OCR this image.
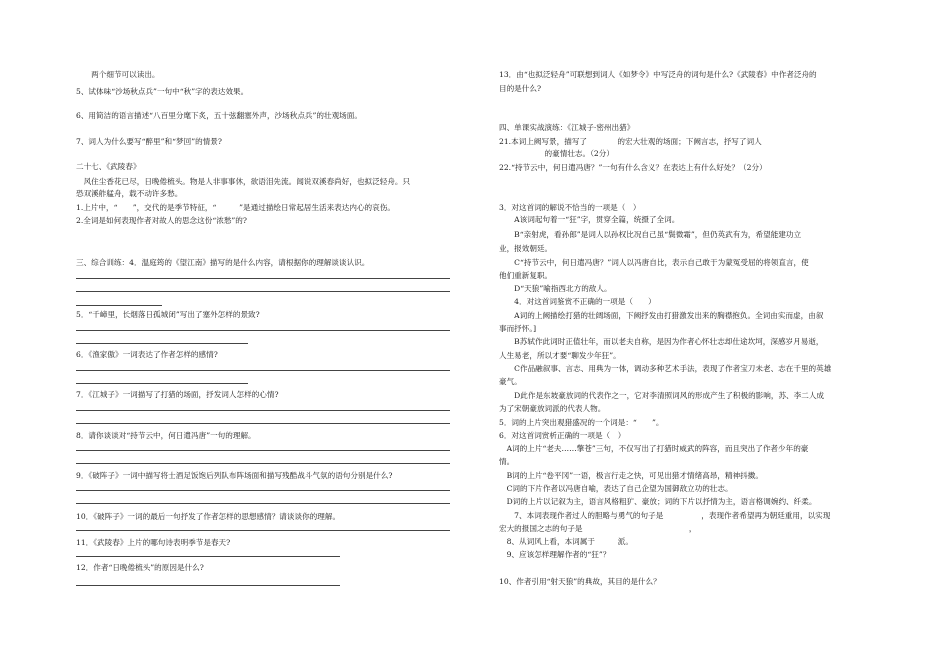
　　两个细节可以读出。
5、试体味“沙场秋点兵”一句中“秋”字的表达效果。
6、用简洁的语言描述“八百里分麾下炙，五十弦翻塞外声，沙场秋点兵”的壮观场面。
7、词人为什么要写“醉里”和“梦回”的情景?
二十七、《武陵春》
　风住尘香花已尽，日晚倦梳头。物是人非事事休，欲语泪先流。闻说双溪春尚好，也拟泛轻舟。只
恐双溪舴艋舟，载不动许多愁。
1.上片中，“　　”，交代的是季节特征，“　　　”是通过描绘日常起居生活来表达内心的哀伤。
2.全词是如何表现作者对故人的思念这份“浓愁”的?
三、综合训练：4．温庭筠的《望江南》描写的是什么内容，请根据你的理解谈谈认识。
5．“千嶂里，长烟落日孤城闭”写出了塞外怎样的景致?
6．《渔家傲》一词表达了作者怎样的感情?
7．《江城子》一词描写了打猎的场面，抒发词人怎样的心情?
8．请你谈谈对“持节云中，何日遣冯唐”一句的理解。
9．《破阵子》一词中描写将士酒足饭饱后列队布阵场面和描写残酷战斗气氛的语句分别是什么?
10．《破阵子》一词的最后一句抒发了作者怎样的思想感情？请谈谈你的理解。
11．《武陵春》上片的哪句诗表明季节是春天?
12．作者“日晚倦梳头”的原因是什么?
13．由“也拟泛轻舟”可联想到词人《如梦令》中写泛舟的词句是什么?《武陵春》中作者泛舟的
目的是什么?
四、单课实战演练：《江城子·密州出猎》
21.本词上阙写景，描写了　　　　的宏大壮观的场面；下阙言志，抒写了词人
　　　　　　的豪情壮志。（2分）
22.“持节云中，何日遣冯唐？”一句有什么含义？在表达上有什么好处？（2分）
3．对这首词的解说不恰当的一项是（　）
　　A该词起句着一“狂”字，贯穿全篇，统摄了全词。
　　B“亲射虎，看孙郎”是词人以孙权比况自己虽“鬓微霜”，但仍英武有为，希望能建功立
业，报效朝廷。
　　C“持节云中，何日遣冯唐？”词人以冯唐自比，表示自己敢于为蒙冤受屈的将领直言，使
他们重新复职。
　　D“天狼”喻指西北方的敌人。
　　4．对这首词鉴赏不正确的一项是（　　）
　　A词的上阙描绘打猎的壮阔场面，下阙抒发由打猎激发出来的胸襟抱负。全词由实而虚，由叙
事而抒怀。]
　　B苏轼作此词时正值壮年，而以老夫自称，是因为作者心怀壮志却仕途坎坷，深感岁月易逝，
人生易老，所以才要“聊发少年狂”。
　　C作品融叙事、言志、用典为一体，调动多种艺术手法，表现了作者宝刀未老、志在千里的英雄
豪气。
　　D此作是东坡豪放词的代表作之一，它对李清照词风的形成产生了积极的影响，苏、李二人成
为了宋朝豪放词派的代表人物。
5．词的上片突出观猎盛况的一个词是：“　　”。
6．对这首词赏析正确的一项是（　）
　A词的上片“老夫……擎苍”三句，不仅写出了打猎时威武的阵容，而且突出了作者少年的豪
情。
　B词的上片“卷平冈”一语，极言行走之快，可见出猎才情绪高昂，精神抖擞。
　C词的下片作者以冯唐自喻，表达了自己企望为国御敌立功的壮志。
　D词的上片以记叙为主，语言风格粗犷、豪放；词的下片以抒情为主，语言格调婉约、纤柔。
　　7、本词表现作者过人的胆略与勇气的句子是　　　　　，表现作者希望再为朝廷重用，以实现
宏大的报国之志的句子是　　　　　　　　　　　　　　，
　8、从词风上看，本词属于　　　派。
　9、应该怎样理解作者的“狂”？
10、作者引用“射天狼”的典故，其目的是什么？
